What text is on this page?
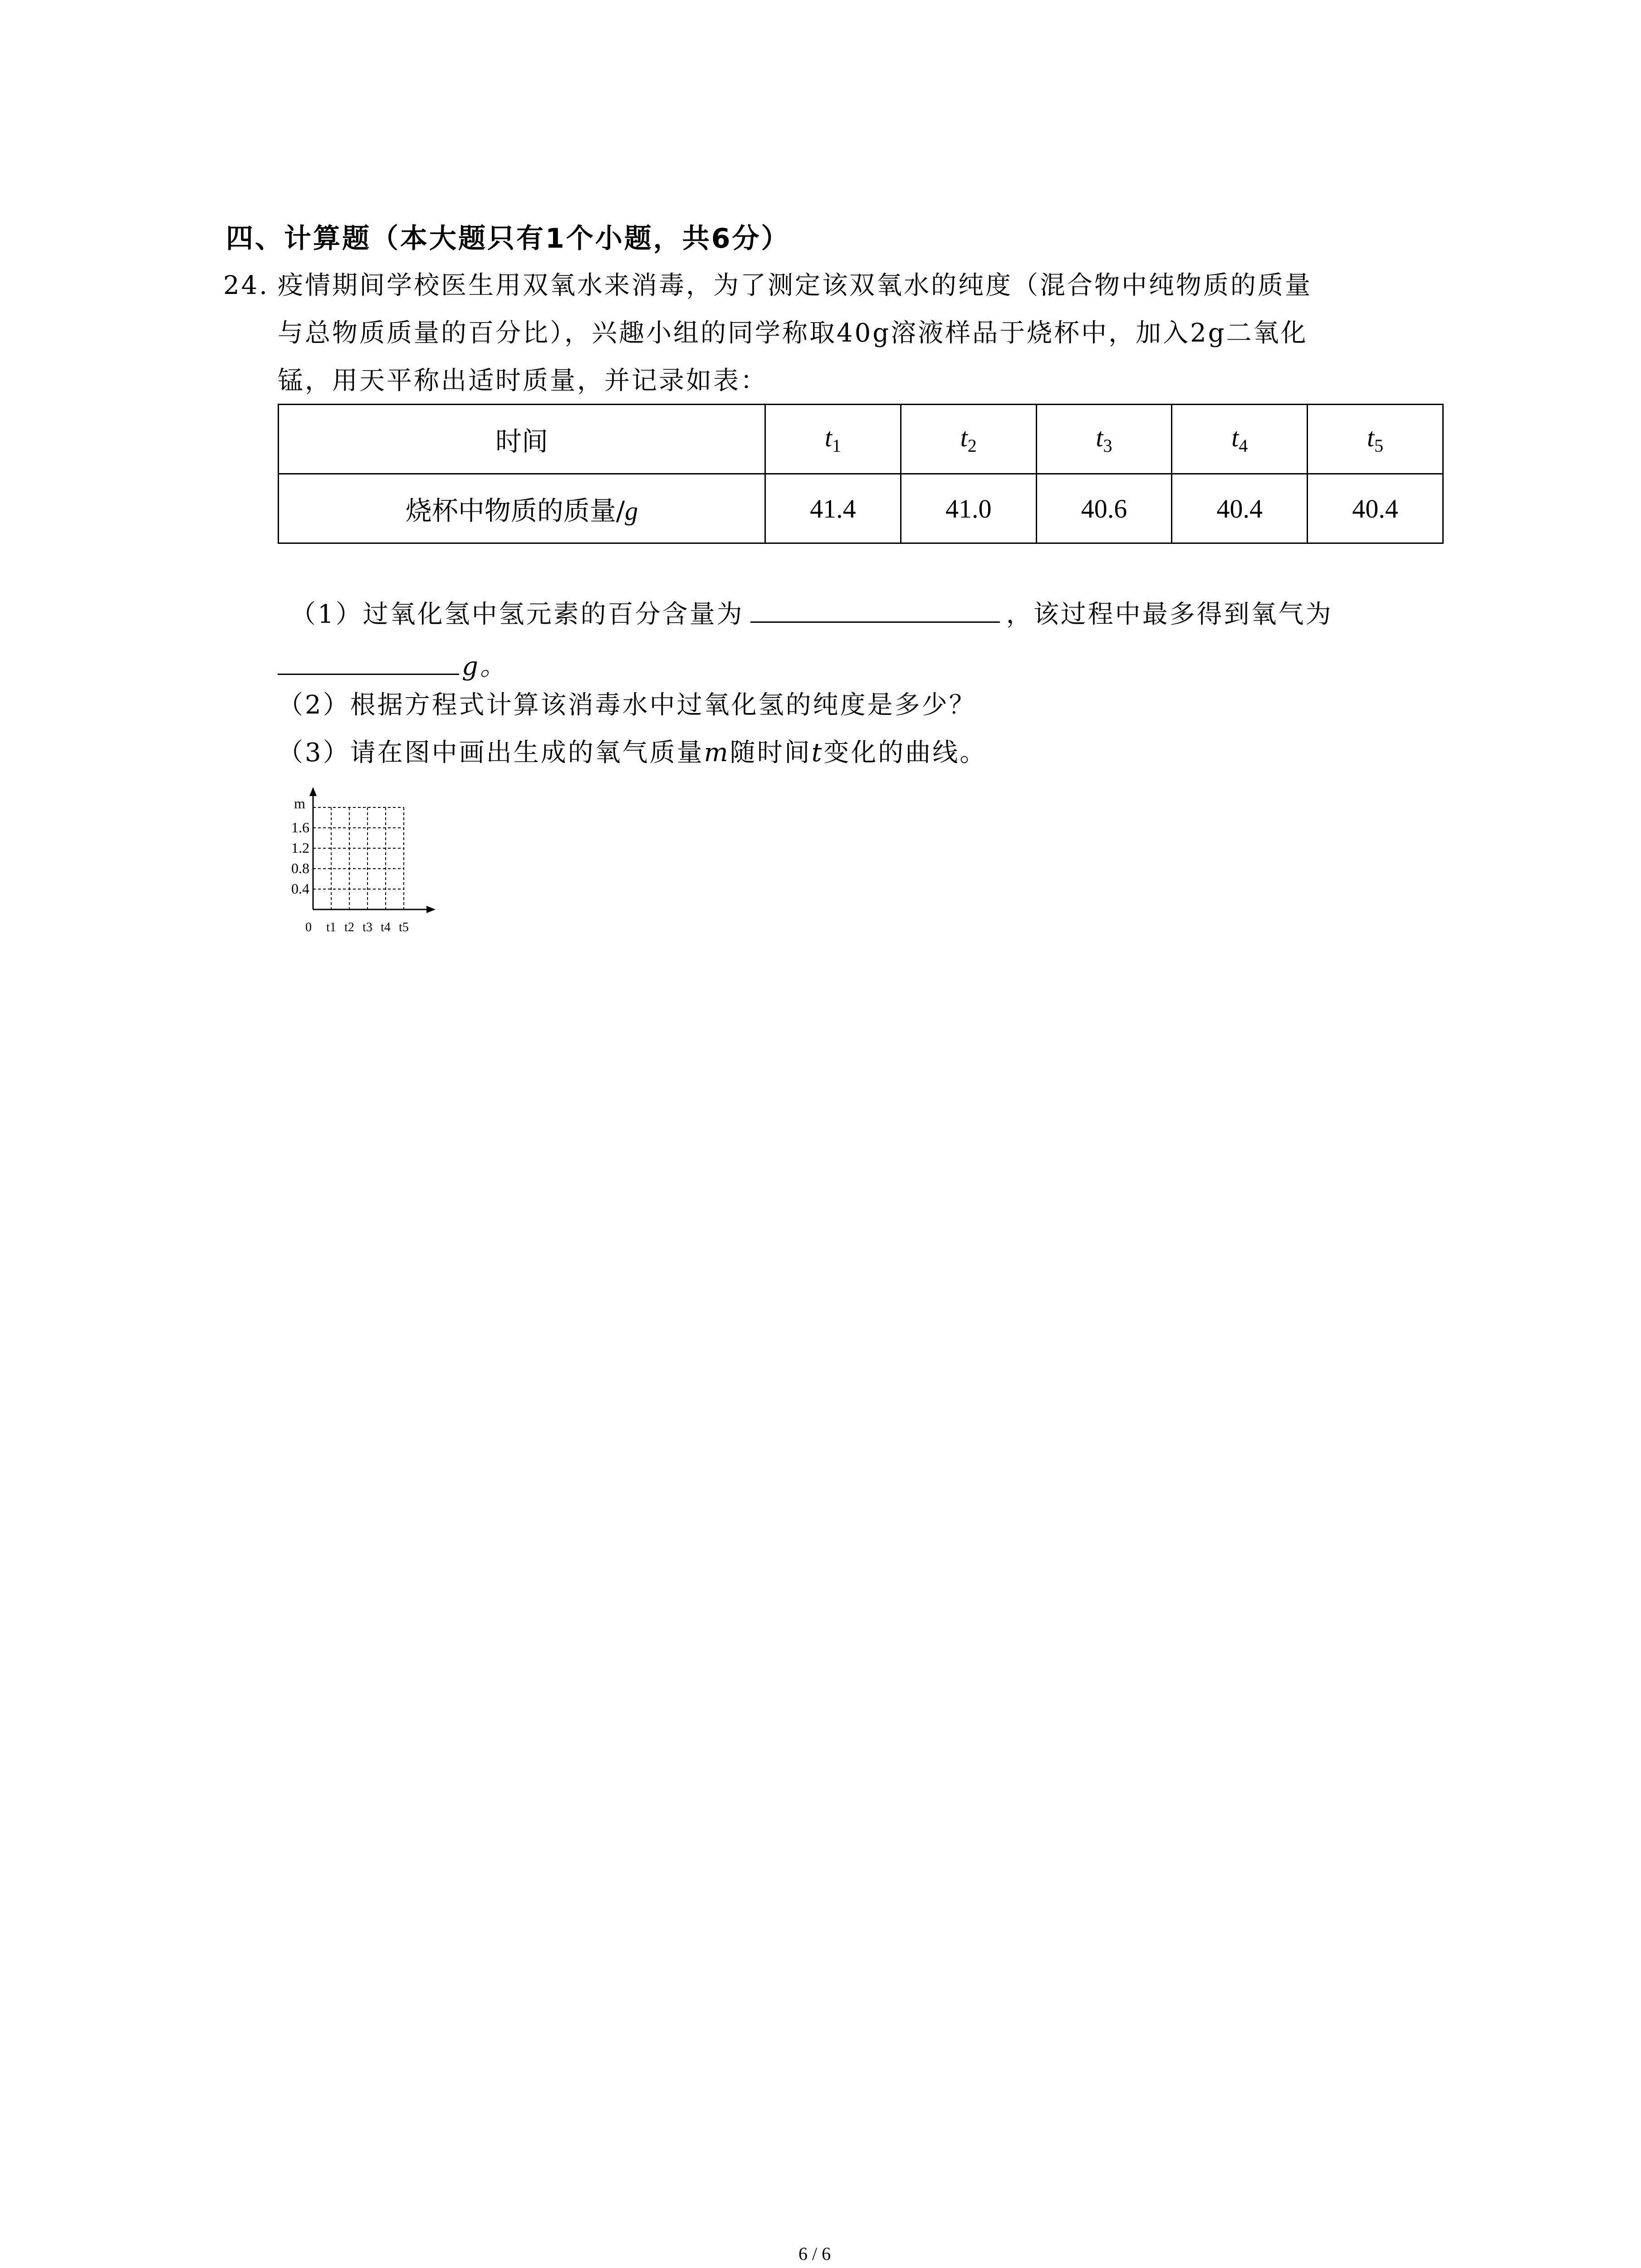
四、计算题（本大题只有1个小题，共6分）
24. 疫情期间学校医生用双氧水来消毒，为了测定该双氧水的纯度（混合物中纯物质的质量
与总物质质量的百分比），兴趣小组的同学称取40g溶液样品于烧杯中，加入2g二氧化
锰，用天平称出适时质量，并记录如表：
时间	$t_1$	$t_2$	$t_3$	$t_4$	$t_5$
烧杯中物质的质量/g	41.4	41.0	40.6	40.4	40.4
（1）过氧化氢中氢元素的百分含量为	，该过程中最多得到氧气为
g。
（2）根据方程式计算该消毒水中过氧化氢的纯度是多少？
（3）请在图中画出生成的氧气质量m随时间t变化的曲线。
m
1.6
1.2
0.8
0.4
0 t1 t2 t3 t4 t5
6 / 6
